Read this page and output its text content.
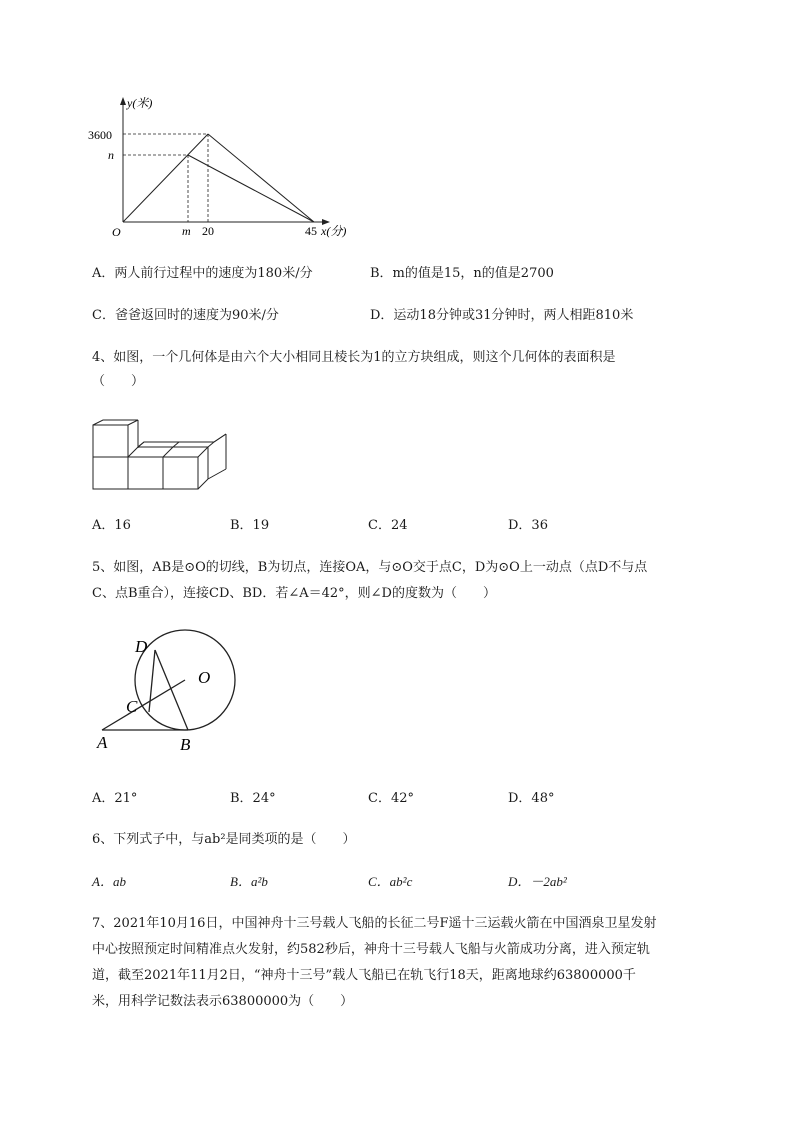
y(米)
3600
n
O	m 20	45 x(分)
A．两人前行过程中的速度为180米/分	B．m的值是15，n的值是2700
C．爸爸返回时的速度为90米/分	D．运动18分钟或31分钟时，两人相距810米
4、如图，一个几何体是由六个大小相同且棱长为1的立方块组成，则这个几何体的表面积是
（　　）
A．16	B．19	C．24	D．36
5、如图，AB是⊙O的切线，B为切点，连接OA，与⊙O交于点C，D为⊙O上一动点（点D不与点
C、点B重合），连接CD、BD．若∠A＝42°，则∠D的度数为（　　）
D
O
C
A	B
A．21°	B．24°	C．42°	D．48°
6、下列式子中，与ab²是同类项的是（　　）
A．ab	B．a²b	C．ab²c	D．－2ab²
7、2021年10月16日，中国神舟十三号载人飞船的长征二号F遥十三运载火箭在中国酒泉卫星发射
中心按照预定时间精准点火发射，约582秒后，神舟十三号载人飞船与火箭成功分离，进入预定轨
道，截至2021年11月2日，“神舟十三号”载人飞船已在轨飞行18天，距离地球约63800000千
米，用科学记数法表示63800000为（　　）
